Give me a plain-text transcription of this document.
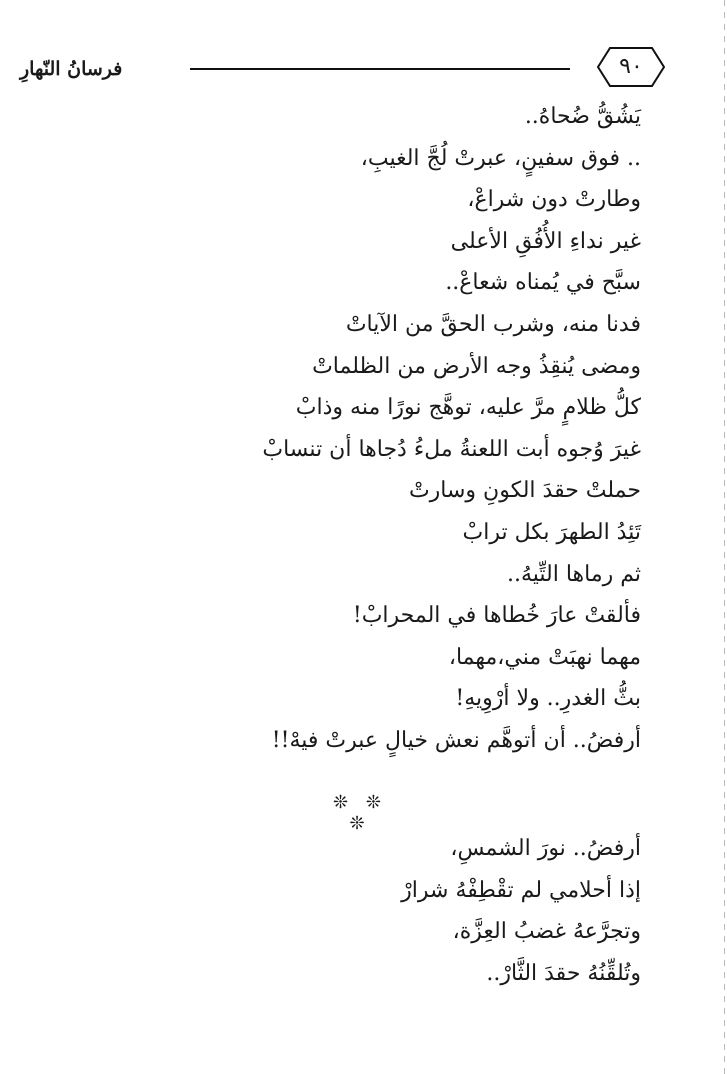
فرسانُ النّهارِ	٩٠
يَشُقُّ ضُحاهُ..
.. فوق سفينٍ، عبرتْ لُجَّ الغيبِ،
وطارتْ دون شراعْ،
غير نداءِ الأُفُقِ الأعلى
سبَّح في يُمناه شعاعْ..
فدنا منه، وشرب الحقَّ من الآياتْ
ومضى يُنقِذُ وجه الأرض من الظلماتْ
كلُّ ظلامٍ مرَّ عليه، توهَّج نورًا منه وذابْ
غيرَ وُجوه أبت اللعنةُ ملءُ دُجاها أن تنسابْ
حملتْ حقدَ الكونِ وسارتْ
تَئِدُ الطهرَ بكل ترابْ
ثم رماها التِّيهُ..
فألقتْ عارَ خُطاها في المحرابْ!
مهما نهبَتْ مني،مهما،
بثُّ الغدرِ.. ولا أرْوِيهِ!
أرفضُ.. أن أتوهَّم نعش خيالٍ عبرتْ فيهْ!!
❊ ❊ ❊
أرفضُ.. نورَ الشمسِ،
إذا أحلامي لم تقْطِفْهُ شرارْ
وتجرَّعهُ غضبُ العِزَّة،
وتُلقِّنُهُ حقدَ الثَّارْ..
